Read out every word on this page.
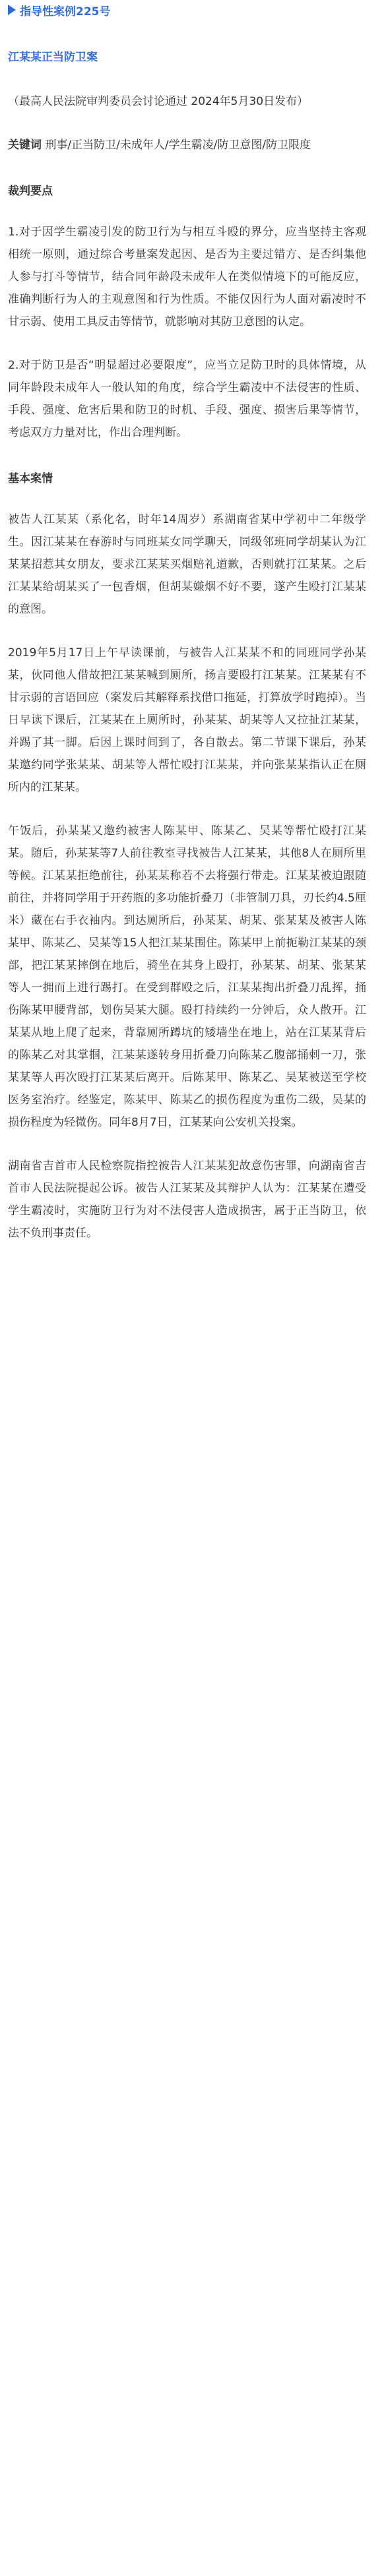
指导性案例225号
江某某正当防卫案

（最高人民法院审判委员会讨论通过 2024年5月30日发布）

关键词 刑事/正当防卫/未成年人/学生霸凌/防卫意图/防卫限度

裁判要点

1.对于因学生霸凌引发的防卫行为与相互斗殴的界分，应当坚持主客观相统一原则，通过综合考量案发起因、是否为主要过错方、是否纠集他人参与打斗等情节，结合同年龄段未成年人在类似情境下的可能反应，准确判断行为人的主观意图和行为性质。不能仅因行为人面对霸凌时不甘示弱、使用工具反击等情节，就影响对其防卫意图的认定。

2.对于防卫是否“明显超过必要限度”，应当立足防卫时的具体情境，从同年龄段未成年人一般认知的角度，综合学生霸凌中不法侵害的性质、手段、强度、危害后果和防卫的时机、手段、强度、损害后果等情节，考虑双方力量对比，作出合理判断。

基本案情

被告人江某某（系化名，时年14周岁）系湖南省某中学初中二年级学生。因江某某在春游时与同班某女同学聊天，同级邻班同学胡某认为江某某招惹其女朋友，要求江某某买烟赔礼道歉，否则就打江某某。之后江某某给胡某买了一包香烟，但胡某嫌烟不好不要，遂产生殴打江某某的意图。

2019年5月17日上午早读课前，与被告人江某某不和的同班同学孙某某，伙同他人借故把江某某喊到厕所，扬言要殴打江某某。江某某有不甘示弱的言语回应（案发后其解释系找借口拖延，打算放学时跑掉）。当日早读下课后，江某某在上厕所时，孙某某、胡某等人又拉扯江某某，并踢了其一脚。后因上课时间到了，各自散去。第二节课下课后，孙某某邀约同学张某某、胡某等人帮忙殴打江某某，并向张某某指认正在厕所内的江某某。

午饭后，孙某某又邀约被害人陈某甲、陈某乙、吴某等帮忙殴打江某某。随后，孙某某等7人前往教室寻找被告人江某某，其他8人在厕所里等候。江某某拒绝前往，孙某某称若不去将强行带走。江某某被迫跟随前往，并将同学用于开药瓶的多功能折叠刀（非管制刀具，刃长约4.5厘米）藏在右手衣袖内。到达厕所后，孙某某、胡某、张某某及被害人陈某甲、陈某乙、吴某等15人把江某某围住。陈某甲上前扼勒江某某的颈部，把江某某摔倒在地后，骑坐在其身上殴打，孙某某、胡某、张某某等人一拥而上进行踢打。在受到群殴之后，江某某掏出折叠刀乱挥，捅伤陈某甲腰背部，划伤吴某大腿。殴打持续约一分钟后，众人散开。江某某从地上爬了起来，背靠厕所蹲坑的矮墙坐在地上，站在江某某背后的陈某乙对其掌掴，江某某遂转身用折叠刀向陈某乙腹部捅刺一刀，张某某等人再次殴打江某某后离开。后陈某甲、陈某乙、吴某被送至学校医务室治疗。经鉴定，陈某甲、陈某乙的损伤程度为重伤二级，吴某的损伤程度为轻微伤。同年8月7日，江某某向公安机关投案。

湖南省吉首市人民检察院指控被告人江某某犯故意伤害罪，向湖南省吉首市人民法院提起公诉。被告人江某某及其辩护人认为：江某某在遭受学生霸凌时，实施防卫行为对不法侵害人造成损害，属于正当防卫，依法不负刑事责任。
